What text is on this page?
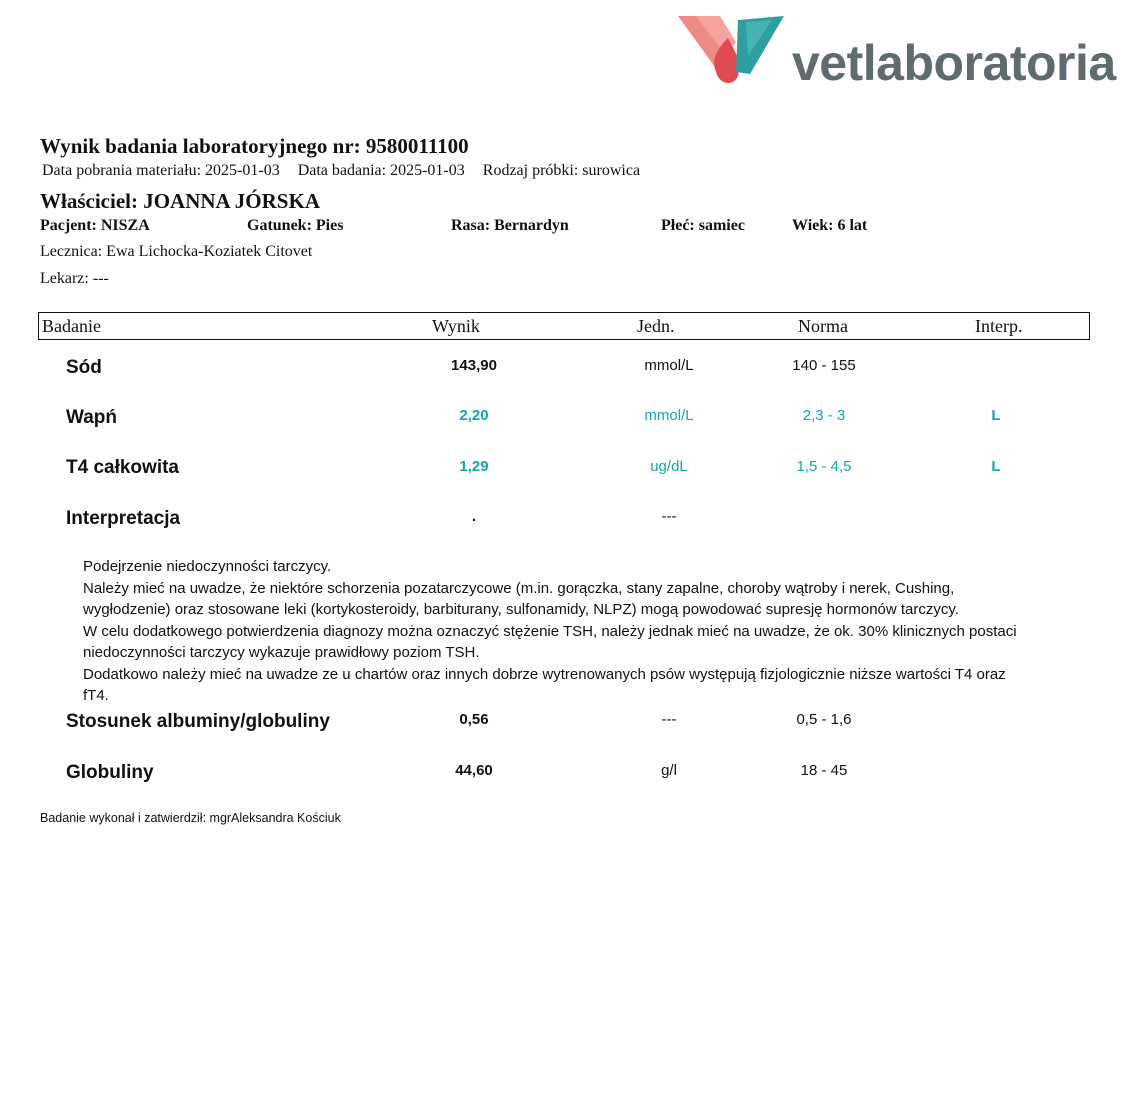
vetlaboratoria
Wynik badania laboratoryjnego nr: 9580011100
Data pobrania materiału: 2025-01-03 Data badania: 2025-01-03 Rodzaj próbki: surowica
Właściciel: JOANNA JÓRSKA
Pacjent: NISZA	Gatunek: Pies	Rasa: Bernardyn	Płeć: samiec	Wiek: 6 lat
Lecznica: Ewa Lichocka-Koziatek Citovet
Lekarz: ---
Badanie	Wynik	Jedn.	Norma	Interp.
Sód	143,90	mmol/L	140 - 155
Wapń	2,20	mmol/L	2,3 - 3	L
T4 całkowita	1,29	ug/dL	1,5 - 4,5	L
Interpretacja	.	---

Podejrzenie niedoczynności tarczycy.

Należy mieć na uwadze, że niektóre schorzenia pozatarczycowe (m.in. gorączka, stany zapalne, choroby wątroby i nerek, Cushing,

wygłodzenie) oraz stosowane leki (kortykosteroidy, barbiturany, sulfonamidy, NLPZ) mogą powodować supresję hormonów tarczycy.

W celu dodatkowego potwierdzenia diagnozy można oznaczyć stężenie TSH, należy jednak mieć na uwadze, że ok. 30% klinicznych postaci

niedoczynności tarczycy wykazuje prawidłowy poziom TSH.

Dodatkowo należy mieć na uwadze ze u chartów oraz innych dobrze wytrenowanych psów występują fizjologicznie niższe wartości T4 oraz

fT4.

Stosunek albuminy/globuliny	0,56	---	0,5 - 1,6
Globuliny	44,60	g/l	18 - 45
Badanie wykonał i zatwierdził: mgrAleksandra Kościuk
